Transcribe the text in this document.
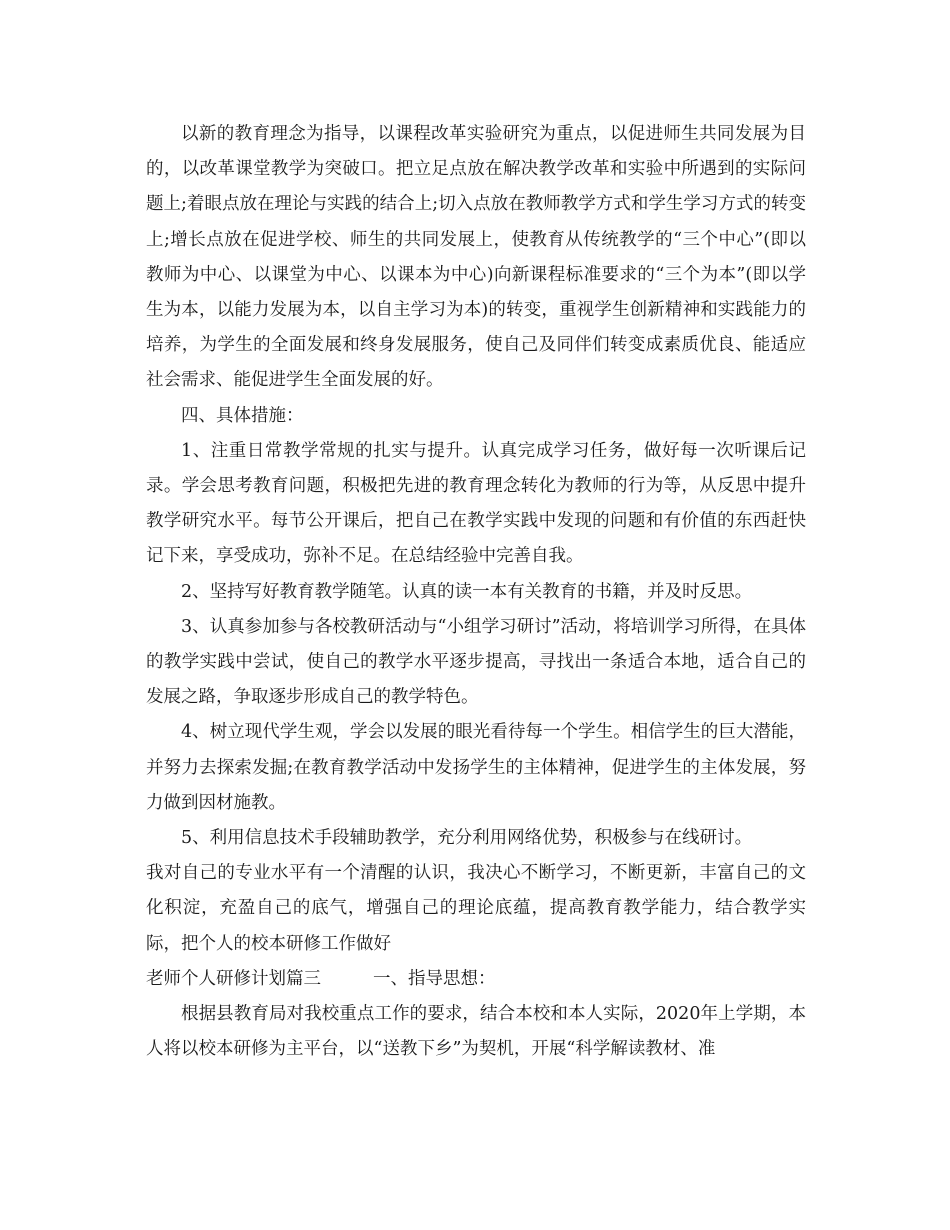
以新的教育理念为指导，以课程改革实验研究为重点，以促进师生共同发展为目的，以改革课堂教学为突破口。把立足点放在解决教学改革和实验中所遇到的实际问题上;着眼点放在理论与实践的结合上;切入点放在教师教学方式和学生学习方式的转变上;增长点放在促进学校、师生的共同发展上，使教育从传统教学的“三个中心”(即以教师为中心、以课堂为中心、以课本为中心)向新课程标准要求的“三个为本”(即以学生为本，以能力发展为本，以自主学习为本)的转变，重视学生创新精神和实践能力的培养，为学生的全面发展和终身发展服务，使自己及同伴们转变成素质优良、能适应社会需求、能促进学生全面发展的好。

四、具体措施：

1、注重日常教学常规的扎实与提升。认真完成学习任务，做好每一次听课后记录。学会思考教育问题，积极把先进的教育理念转化为教师的行为等，从反思中提升教学研究水平。每节公开课后，把自己在教学实践中发现的问题和有价值的东西赶快记下来，享受成功，弥补不足。在总结经验中完善自我。

2、坚持写好教育教学随笔。认真的读一本有关教育的书籍，并及时反思。

3、认真参加参与各校教研活动与“小组学习研讨”活动，将培训学习所得，在具体的教学实践中尝试，使自己的教学水平逐步提高，寻找出一条适合本地，适合自己的发展之路，争取逐步形成自己的教学特色。

4、树立现代学生观，学会以发展的眼光看待每一个学生。相信学生的巨大潜能，并努力去探索发掘;在教育教学活动中发扬学生的主体精神，促进学生的主体发展，努力做到因材施教。

5、利用信息技术手段辅助教学，充分利用网络优势，积极参与在线研讨。

我对自己的专业水平有一个清醒的认识，我决心不断学习，不断更新，丰富自己的文化积淀，充盈自己的底气，增强自己的理论底蕴，提高教育教学能力，结合教学实际，把个人的校本研修工作做好

老师个人研修计划篇三	一、指导思想：

根据县教育局对我校重点工作的要求，结合本校和本人实际，2020年上学期，本人将以校本研修为主平台，以“送教下乡”为契机，开展“科学解读教材、准
